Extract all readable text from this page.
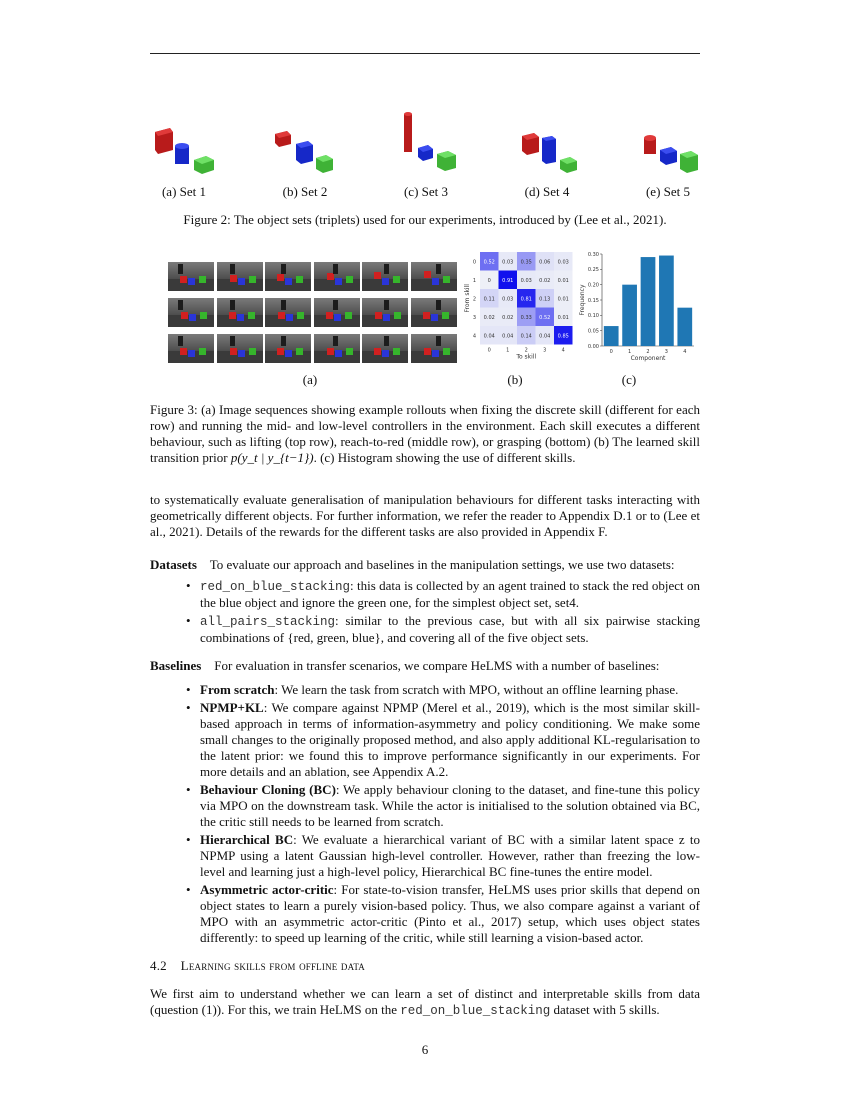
(a) Set 1	(b) Set 2	(c) Set 3	(d) Set 4	(e) Set 5
Figure 2: The object sets (triplets) used for our experiments, introduced by (Lee et al., 2021).
0.52 0.03 0.35 0.06 0.03
0 0.91 0.03 0.02 0.01
0.11 0.03 0.81 0.13 0.01
0.02 0.02 0.33 0.52 0.01
0.04 0.04 0.14 0.04 0.85
0	1	2	3	4
0
1
2
3
4
To skill
From skill
0.00
0.05
0.10
0.15
0.20
0.25
0.30
0	1	2	3	4
Component
Frequency
(a)	(b)	(c)
Figure 3: (a) Image sequences showing example rollouts when fixing the discrete skill (different for each row) and running the mid- and low-level controllers in the environment. Each skill executes a different behaviour, such as lifting (top row), reach-to-red (middle row), or grasping (bottom) (b) The learned skill transition prior p(y_t | y_{t−1}). (c) Histogram showing the use of different skills.
to systematically evaluate generalisation of manipulation behaviours for different tasks interacting with geometrically different objects. For further information, we refer the reader to Appendix D.1 or to (Lee et al., 2021). Details of the rewards for the different tasks are also provided in Appendix F.
Datasets To evaluate our approach and baselines in the manipulation settings, we use two datasets:
• red_on_blue_stacking: this data is collected by an agent trained to stack the red object on the blue object and ignore the green one, for the simplest object set, set4.
• all_pairs_stacking: similar to the previous case, but with all six pairwise stacking combinations of {red, green, blue}, and covering all of the five object sets.
Baselines For evaluation in transfer scenarios, we compare HeLMS with a number of baselines:
• From scratch: We learn the task from scratch with MPO, without an offline learning phase.
• NPMP+KL: We compare against NPMP (Merel et al., 2019), which is the most similar skill-based approach in terms of information-asymmetry and policy conditioning. We make some small changes to the originally proposed method, and also apply additional KL-regularisation to the latent prior: we found this to improve performance significantly in our experiments. For more details and an ablation, see Appendix A.2.
• Behaviour Cloning (BC): We apply behaviour cloning to the dataset, and fine-tune this policy via MPO on the downstream task. While the actor is initialised to the solution obtained via BC, the critic still needs to be learned from scratch.
• Hierarchical BC: We evaluate a hierarchical variant of BC with a similar latent space z to NPMP using a latent Gaussian high-level controller. However, rather than freezing the low-level and learning just a high-level policy, Hierarchical BC fine-tunes the entire model.
• Asymmetric actor-critic: For state-to-vision transfer, HeLMS uses prior skills that depend on object states to learn a purely vision-based policy. Thus, we also compare against a variant of MPO with an asymmetric actor-critic (Pinto et al., 2017) setup, which uses object states differently: to speed up learning of the critic, while still learning a vision-based actor.
4.2 Learning skills from offline data
We first aim to understand whether we can learn a set of distinct and interpretable skills from data (question (1)). For this, we train HeLMS on the red_on_blue_stacking dataset with 5 skills.
6
